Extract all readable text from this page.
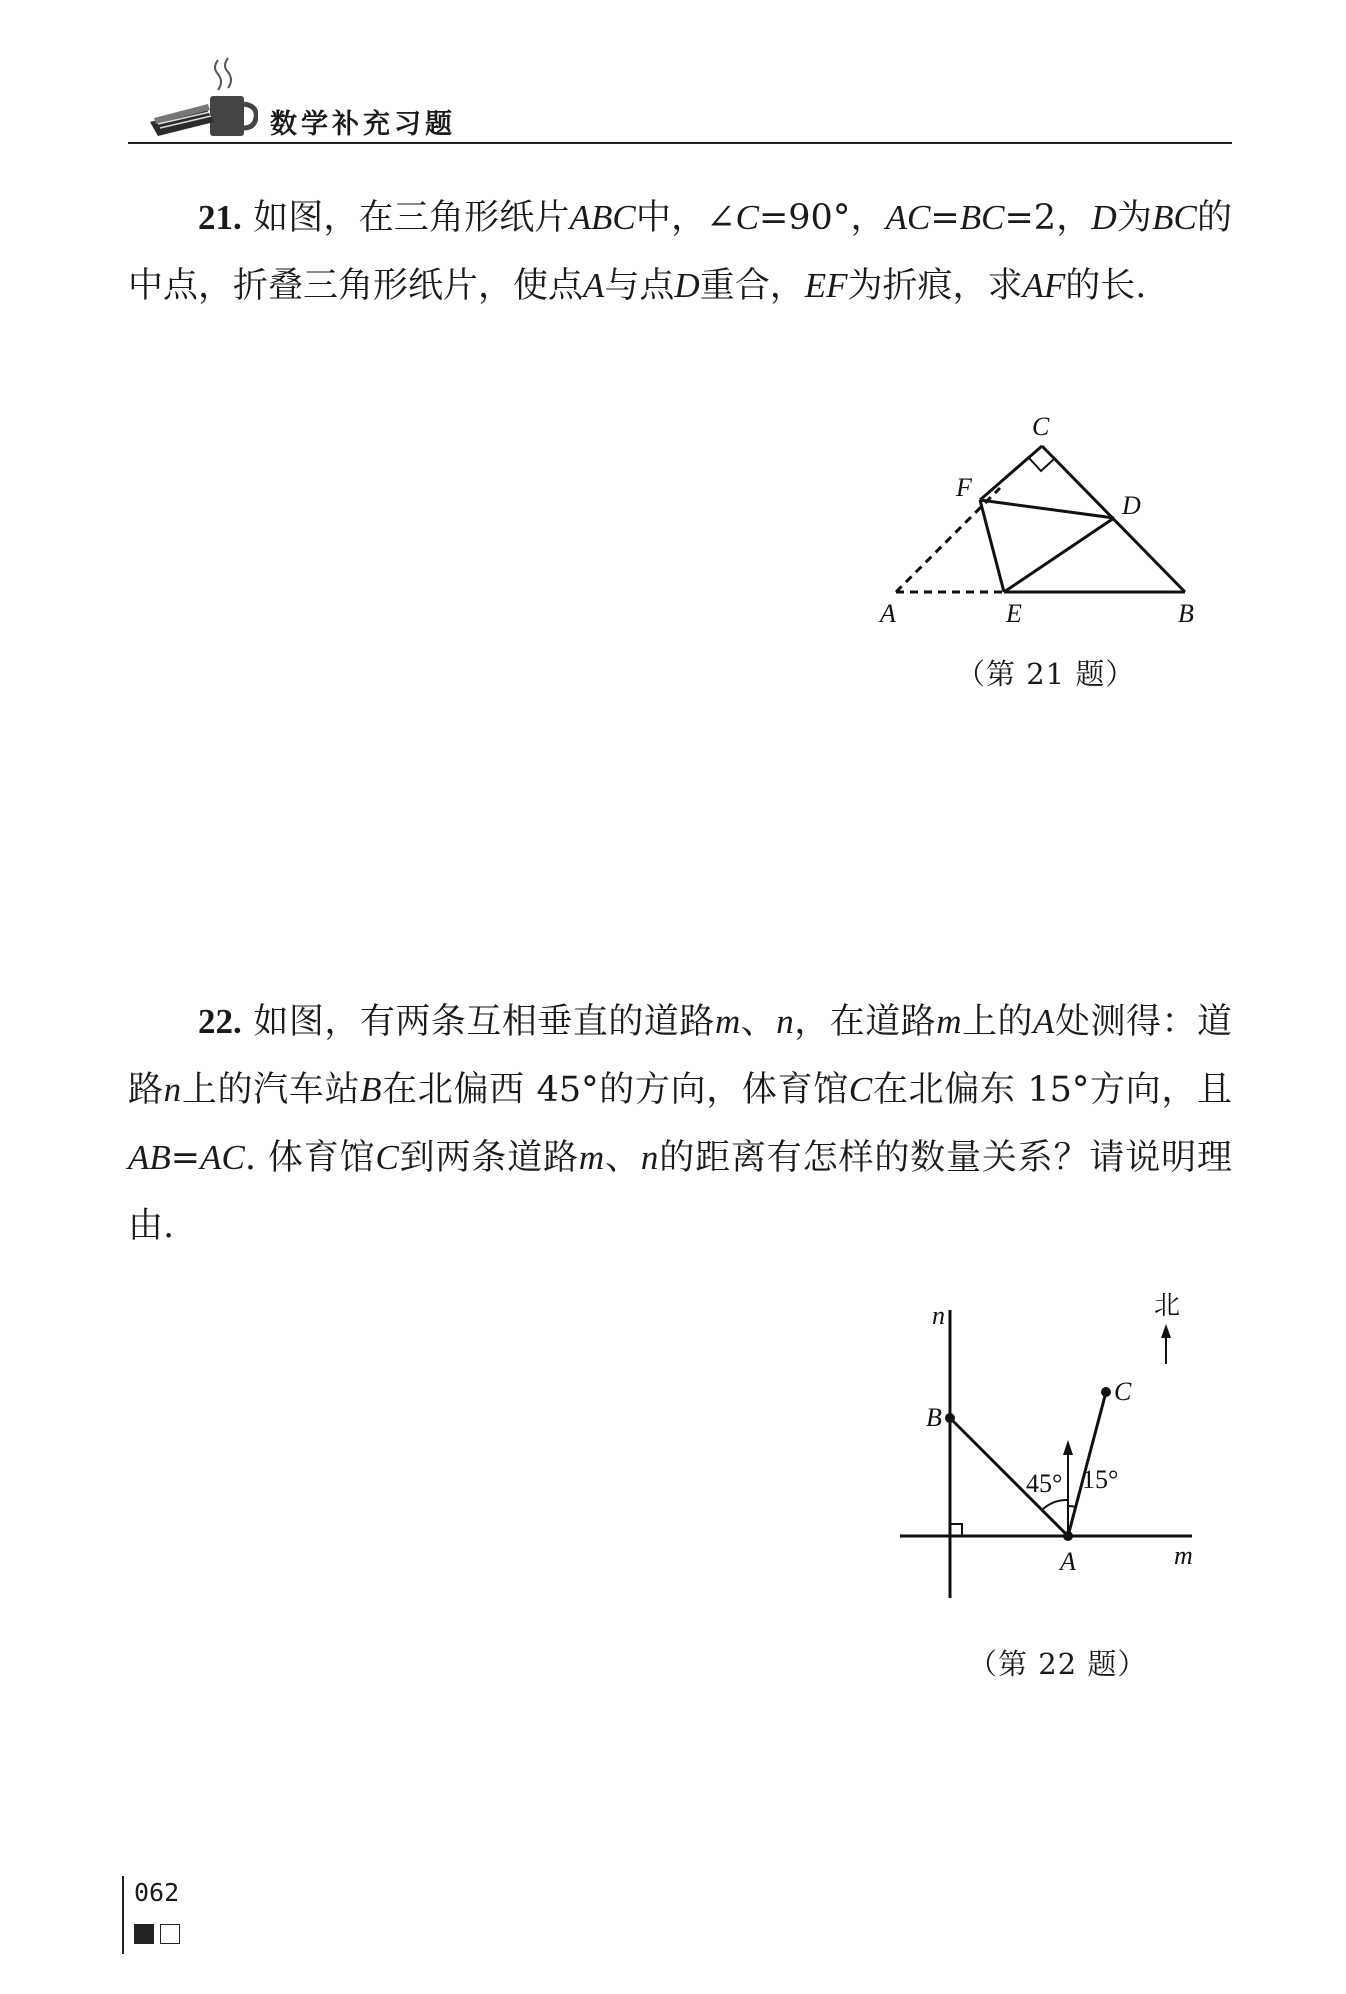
数学补充习题

21. 如图，在三角形纸片ABC中，∠C=90°，AC=BC=2，D为BC的中点，折叠三角形纸片，使点A与点D重合，EF为折痕，求AF的长.

C
F
D
A	E	B
（第 21 题）

22. 如图，有两条互相垂直的道路m、n，在道路m上的A处测得：道路n上的汽车站B在北偏西 45°的方向，体育馆C在北偏东 15°方向，且AB=AC. 体育馆C到两条道路m、n的距离有怎样的数量关系？请说明理由.

n	北
C
B
45° 15°
A	m
（第 22 题）
062
